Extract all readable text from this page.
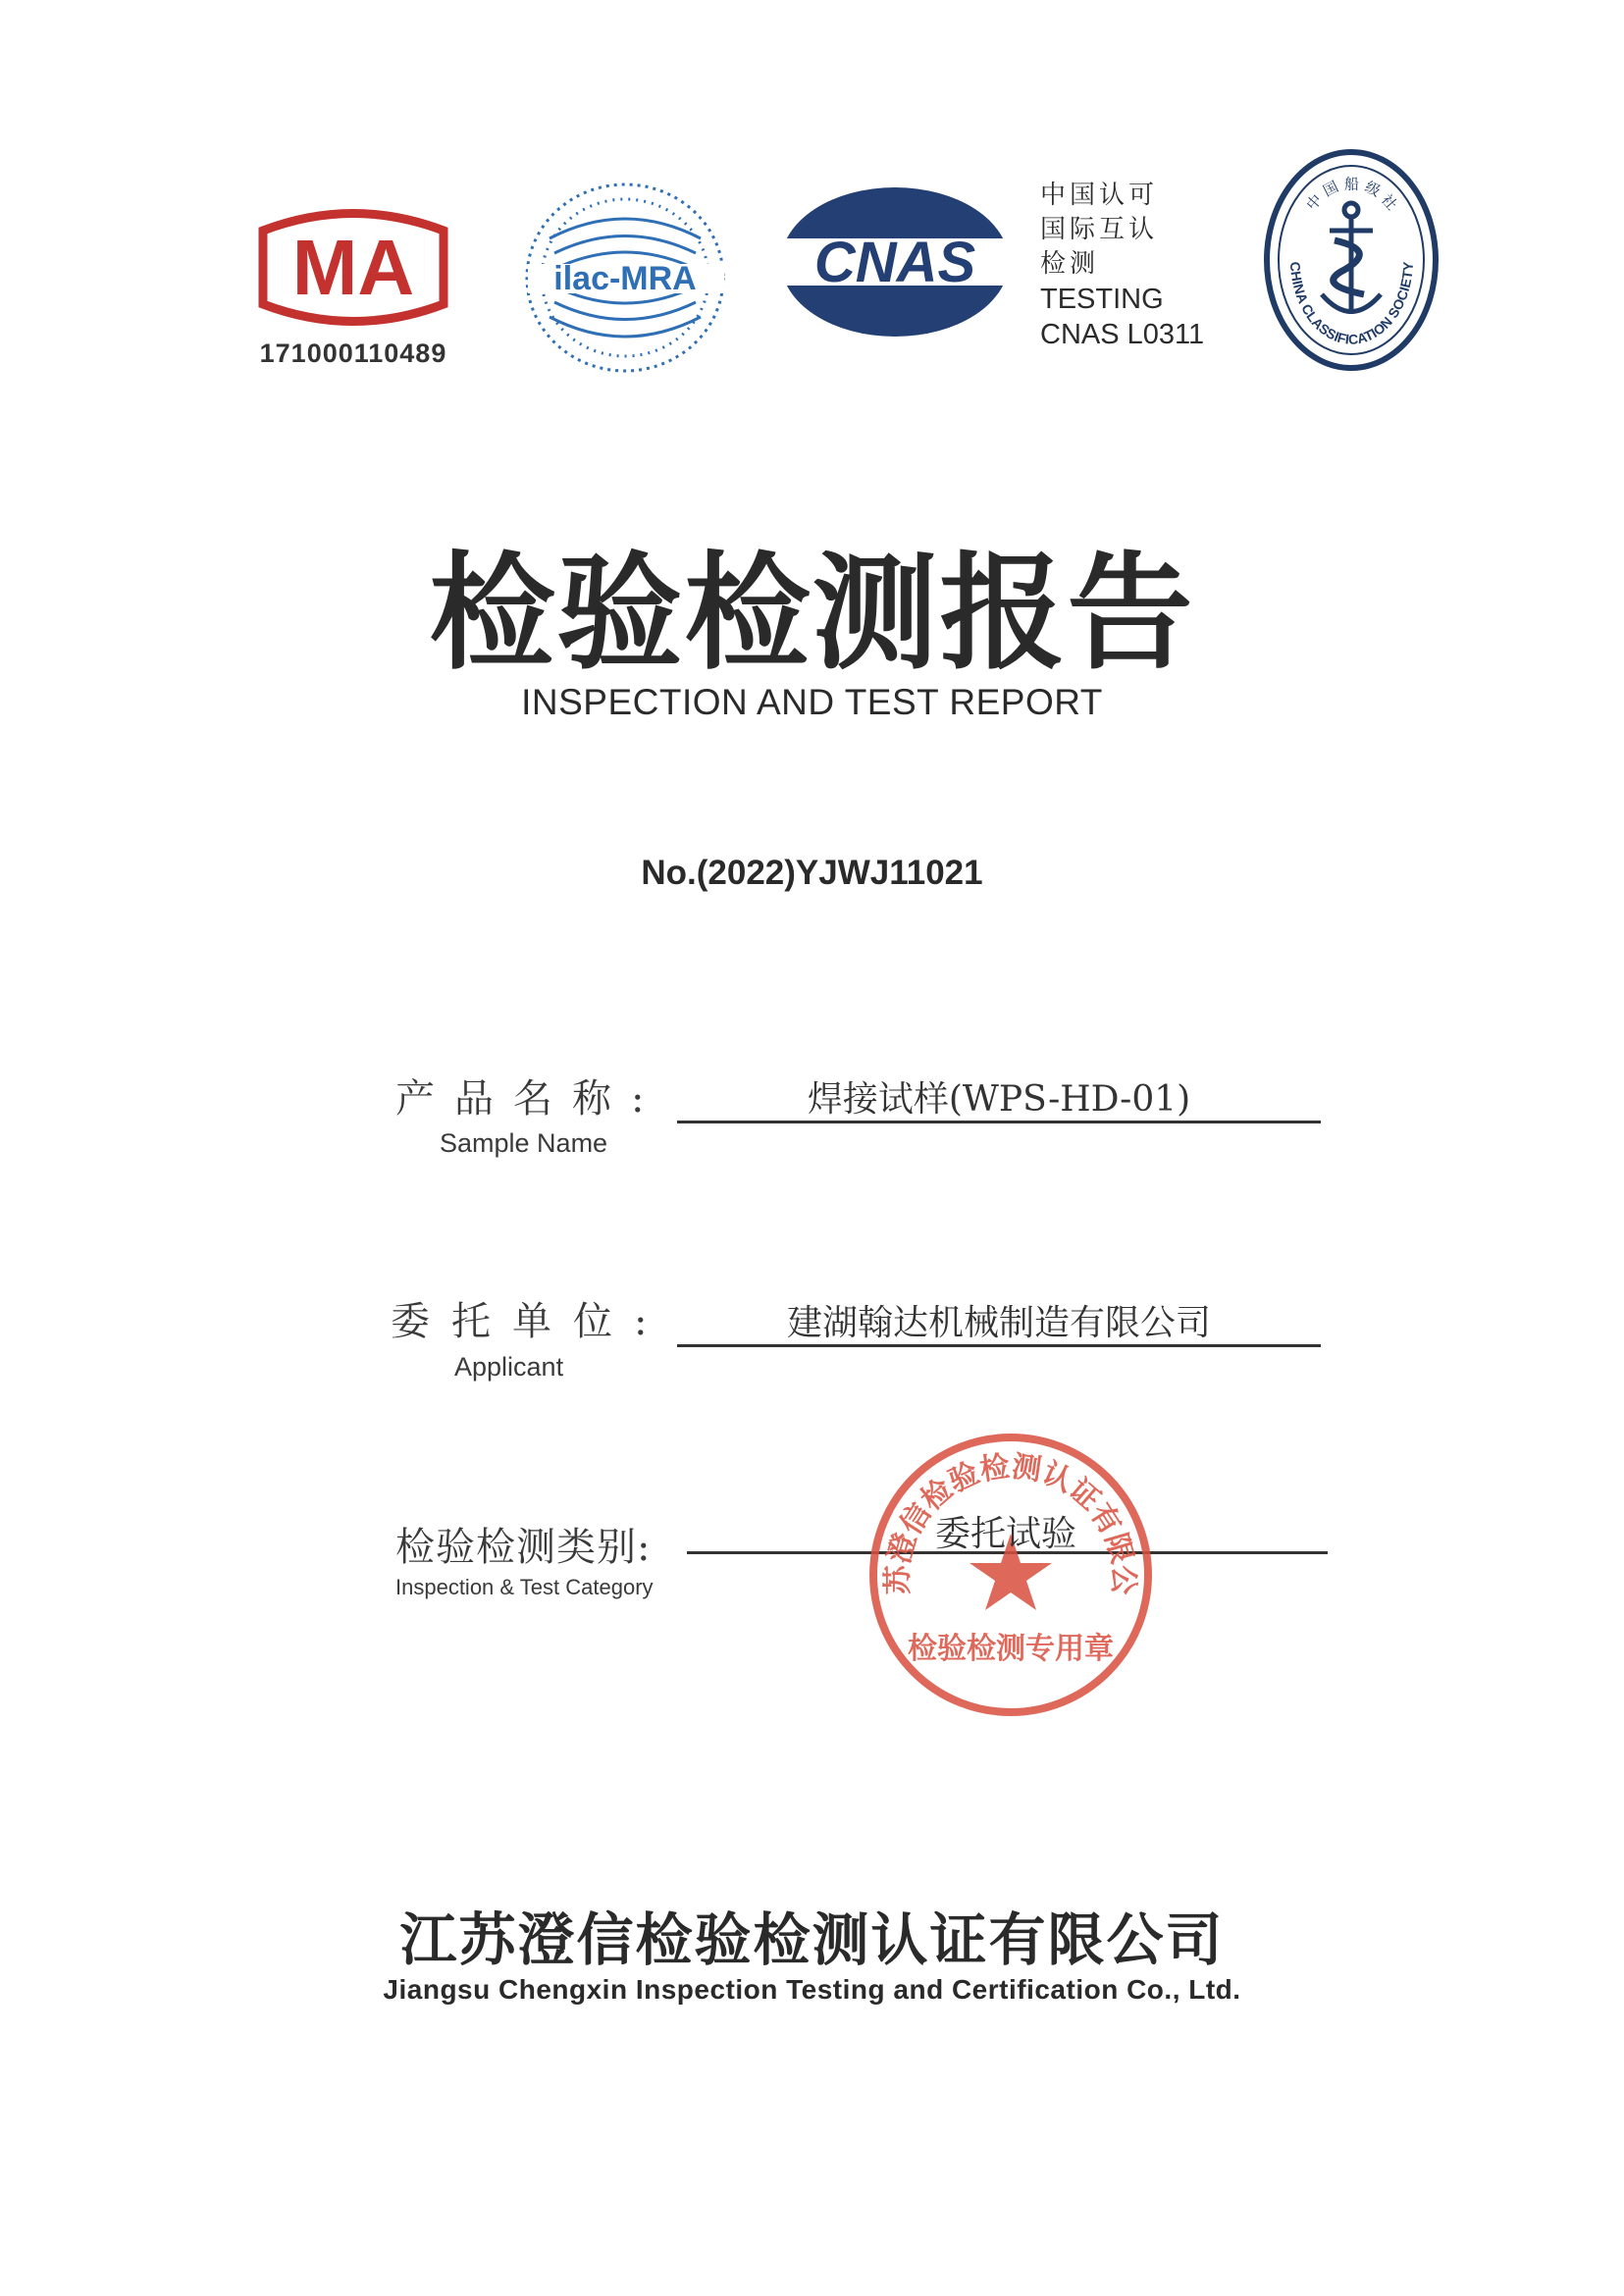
MA
171000110489
ilac-MRA CNAS
中国认可
国际互认
检测
TESTING
CNAS L0311
中 国 船 级 社
CHINA CLASSIFICATION SOCIETY
检验检测报告
INSPECTION AND TEST REPORT
No.(2022)YJWJ11021
产品名称:
Sample Name
焊接试样(WPS-HD-01)
委托单位:
Applicant
建湖翰达机械制造有限公司
检验检测类别:
Inspection & Test Category	苏澄信检验检测认证有限公
检验检测专用章
委托试验
江苏澄信检验检测认证有限公司
Jiangsu Chengxin Inspection Testing and Certification Co., Ltd.
